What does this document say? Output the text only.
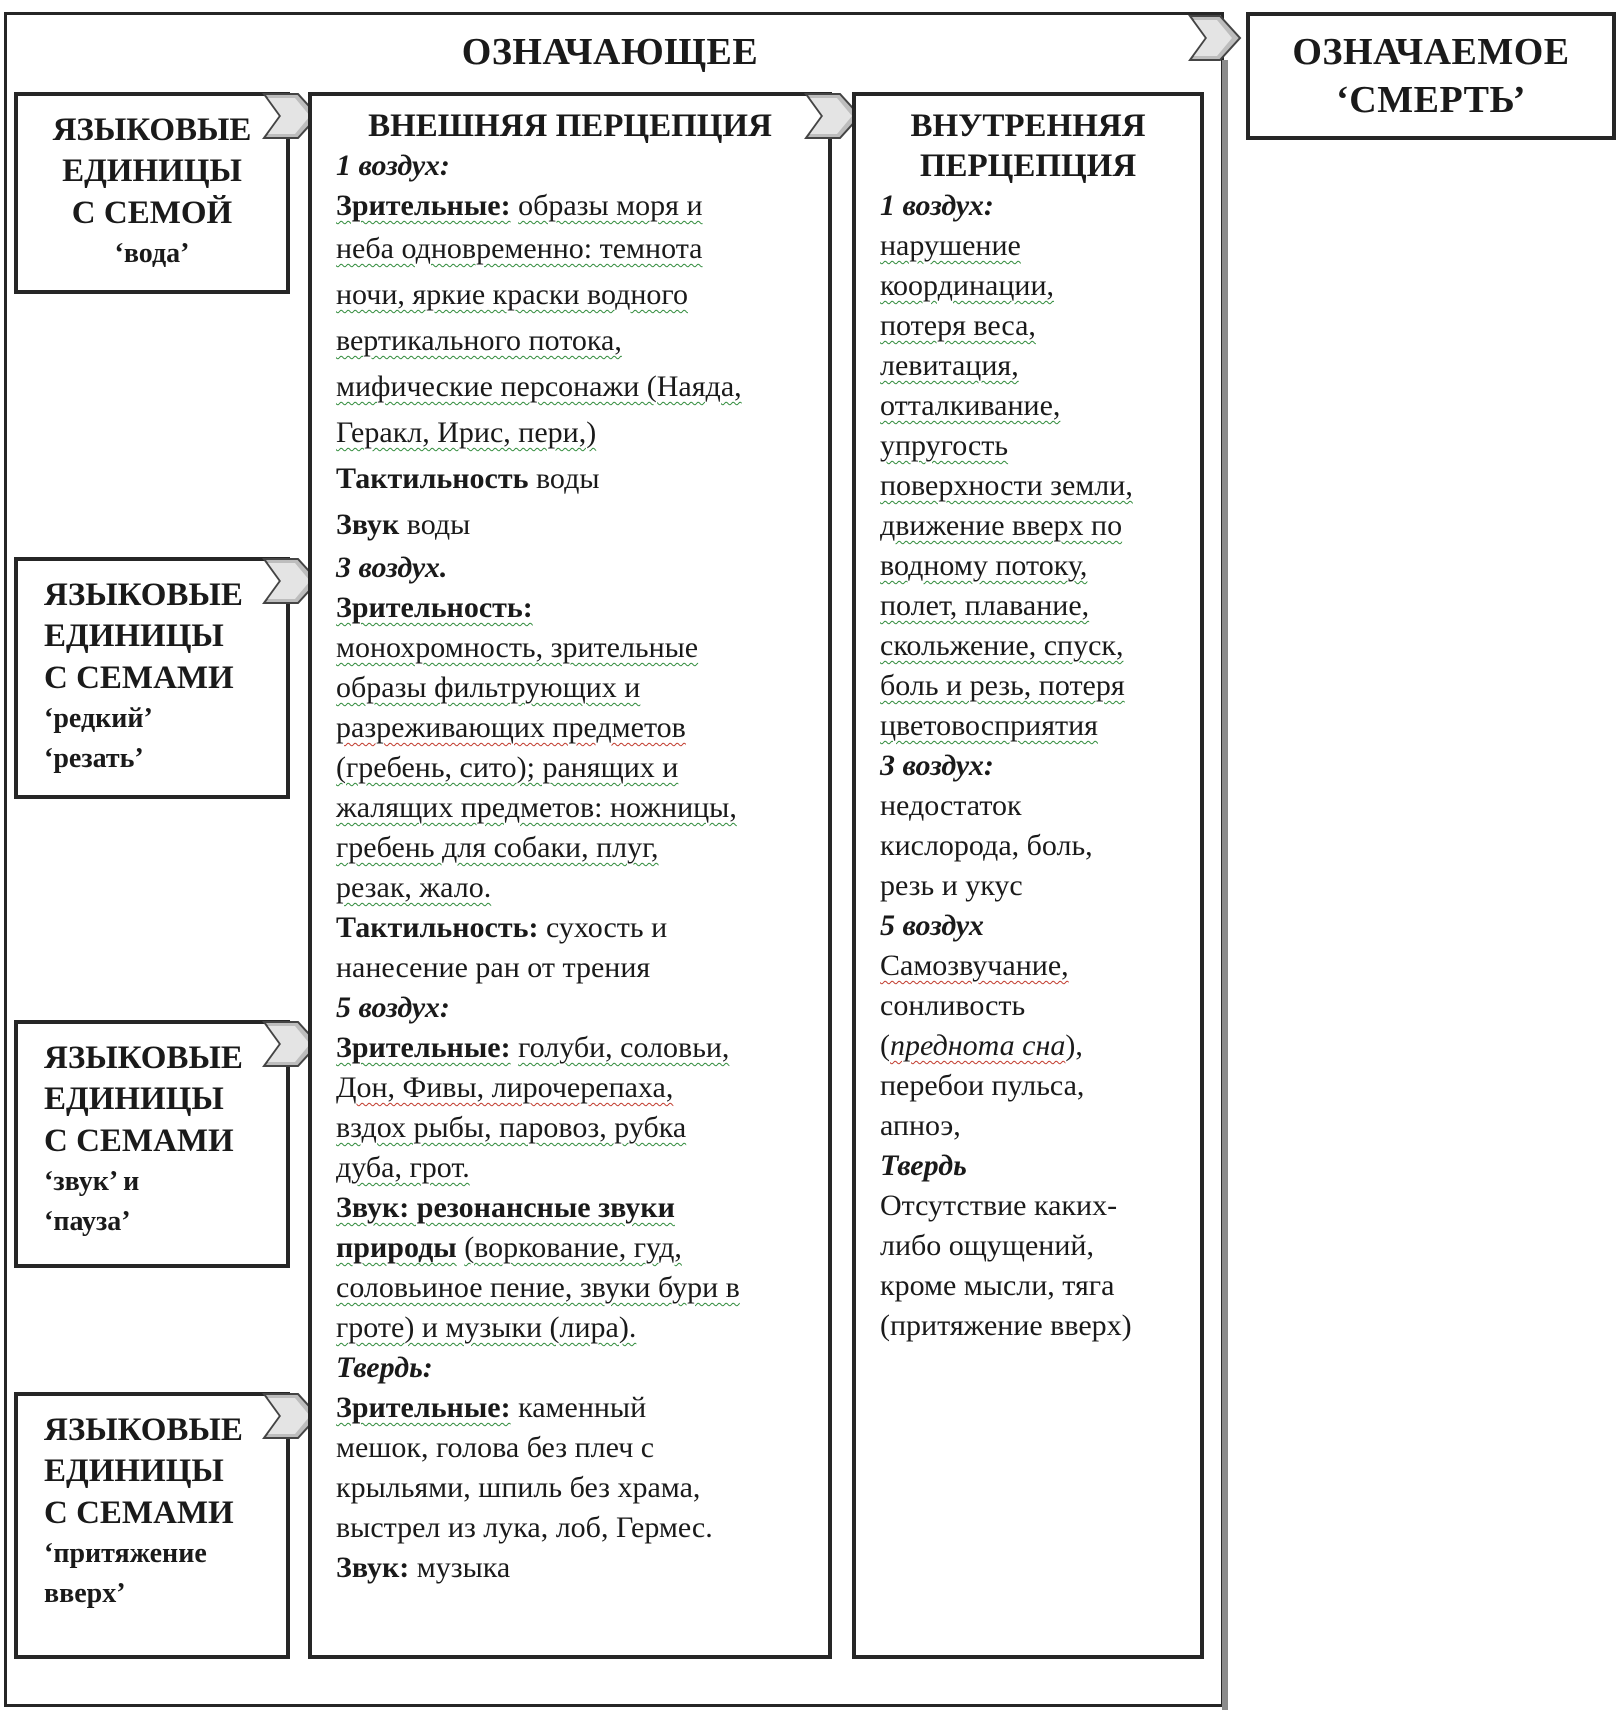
ОЗНАЧАЮЩЕЕ	ОЗНАЧАЕМОЕ
‘СМЕРТЬ’
ЯЗЫКОВЫЕ
ЕДИНИЦЫ
С СЕМОЙ
‘вода’
ЯЗЫКОВЫЕ
ЕДИНИЦЫ
С СЕМАМИ
‘редкий’
‘резать’
ЯЗЫКОВЫЕ
ЕДИНИЦЫ
С СЕМАМИ
‘звук’ и
‘пауза’
ЯЗЫКОВЫЕ
ЕДИНИЦЫ
С СЕМАМИ
‘притяжение
вверх’

ВНЕШНЯЯ ПЕРЦЕПЦИЯ

1 воздух:

Зрительные: образы моря и

неба одновременно: темнота

ночи, яркие краски водного

вертикального потока,

мифические персонажи (Наяда,

Геракл, Ирис, пери,)

Тактильность воды

Звук воды

3 воздух.

Зрительность:

монохромность, зрительные

образы фильтрующих и

разреживающих предметов

(гребень, сито); ранящих и

жалящих предметов: ножницы,

гребень для собаки, плуг,

резак, жало.

Тактильность: сухость и

нанесение ран от трения

5 воздух:

Зрительные: голуби, соловьи,

Дон, Фивы, лирочерепаха,

вздох рыбы, паровоз, рубка

дуба, грот.

Звук: резонансные звуки

природы (воркование, гуд,

соловьиное пение, звуки бури в

гроте) и музыки (лира).

Твердь:

Зрительные: каменный

мешок, голова без плеч с

крыльями, шпиль без храма,

выстрел из лука, лоб, Гермес.

Звук: музыка

ВНУТРЕННЯЯ

ПЕРЦЕПЦИЯ

1 воздух:

нарушение

координации,

потеря веса,

левитация,

отталкивание,

упругость

поверхности земли,

движение вверх по

водному потоку,

полет, плавание,

скольжение, спуск,

боль и резь, потеря

цветовосприятия

3 воздух:

недостаток

кислорода, боль,

резь и укус

5 воздух

Самозвучание,

сонливость

(преднота сна),

перебои пульса,

апноэ,

Твердь

Отсутствие каких-

либо ощущений,

кроме мысли, тяга

(притяжение вверх)
